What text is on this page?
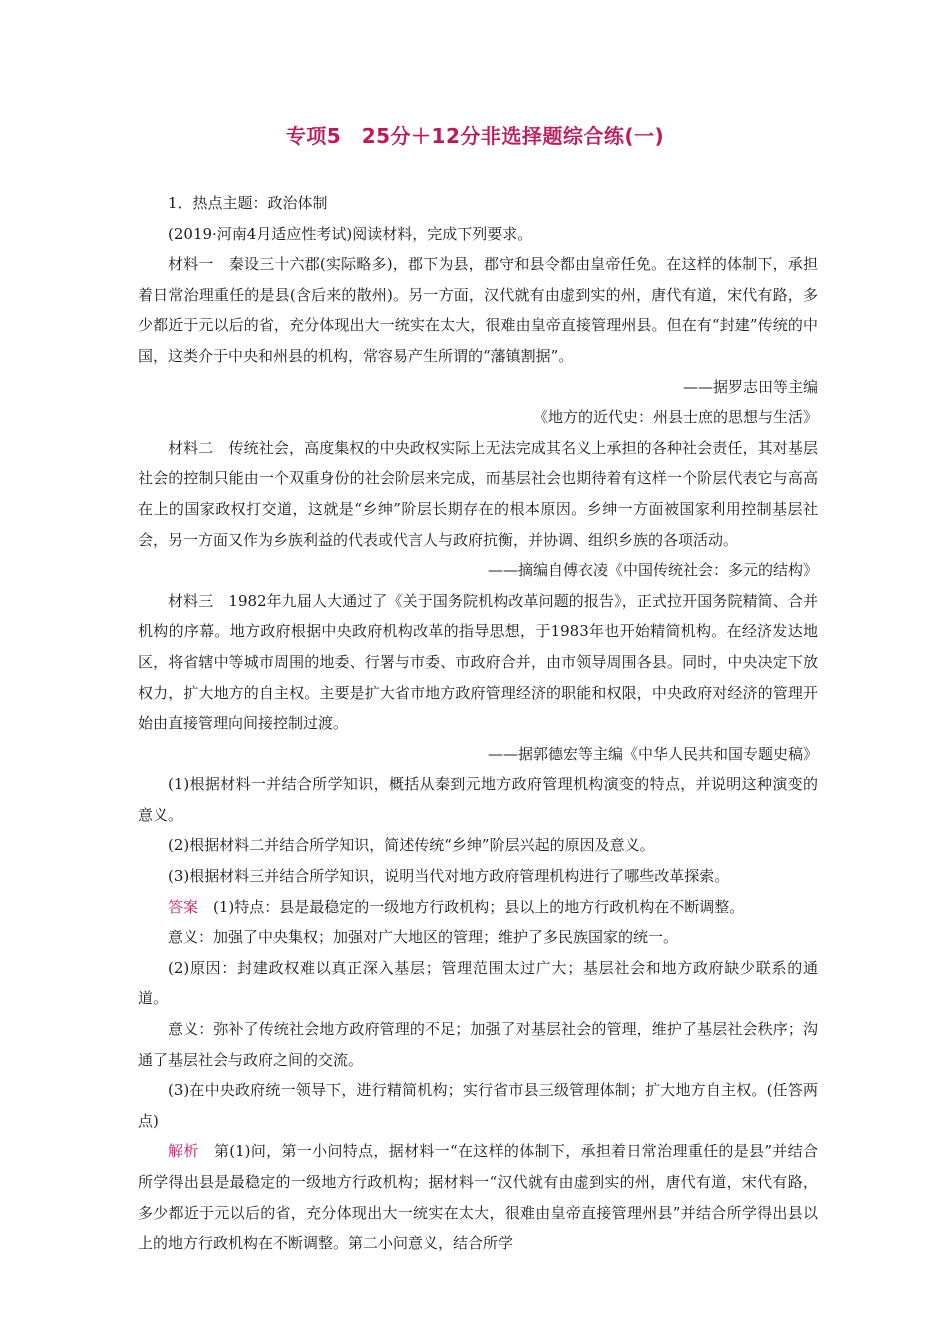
专项5　25分＋12分非选择题综合练(一)

1．热点主题：政治体制

(2019·河南4月适应性考试)阅读材料，完成下列要求。

材料一　秦设三十六郡(实际略多)，郡下为县，郡守和县令都由皇帝任免。在这样的体制下，承担着日常治理重任的是县(含后来的散州)。另一方面，汉代就有由虚到实的州，唐代有道，宋代有路，多少都近于元以后的省，充分体现出大一统实在太大，很难由皇帝直接管理州县。但在有“封建”传统的中国，这类介于中央和州县的机构，常容易产生所谓的“藩镇割据”。

——据罗志田等主编

《地方的近代史：州县士庶的思想与生活》

材料二　传统社会，高度集权的中央政权实际上无法完成其名义上承担的各种社会责任，其对基层社会的控制只能由一个双重身份的社会阶层来完成，而基层社会也期待着有这样一个阶层代表它与高高在上的国家政权打交道，这就是“乡绅”阶层长期存在的根本原因。乡绅一方面被国家利用控制基层社会，另一方面又作为乡族利益的代表或代言人与政府抗衡，并协调、组织乡族的各项活动。

——摘编自傅衣凌《中国传统社会：多元的结构》

材料三　1982年九届人大通过了《关于国务院机构改革问题的报告》，正式拉开国务院精简、合并机构的序幕。地方政府根据中央政府机构改革的指导思想，于1983年也开始精简机构。在经济发达地区，将省辖中等城市周围的地委、行署与市委、市政府合并，由市领导周围各县。同时，中央决定下放权力，扩大地方的自主权。主要是扩大省市地方政府管理经济的职能和权限，中央政府对经济的管理开始由直接管理向间接控制过渡。

——据郭德宏等主编《中华人民共和国专题史稿》

(1)根据材料一并结合所学知识，概括从秦到元地方政府管理机构演变的特点，并说明这种演变的意义。

(2)根据材料二并结合所学知识，简述传统“乡绅”阶层兴起的原因及意义。

(3)根据材料三并结合所学知识，说明当代对地方政府管理机构进行了哪些改革探索。

答案　(1)特点：县是最稳定的一级地方行政机构；县以上的地方行政机构在不断调整。

意义：加强了中央集权；加强对广大地区的管理；维护了多民族国家的统一。

(2)原因：封建政权难以真正深入基层；管理范围太过广大；基层社会和地方政府缺少联系的通道。

意义：弥补了传统社会地方政府管理的不足；加强了对基层社会的管理，维护了基层社会秩序；沟通了基层社会与政府之间的交流。

(3)在中央政府统一领导下，进行精简机构；实行省市县三级管理体制；扩大地方自主权。(任答两点)

解析　第(1)问，第一小问特点，据材料一“在这样的体制下，承担着日常治理重任的是县”并结合所学得出县是最稳定的一级地方行政机构；据材料一“汉代就有由虚到实的州，唐代有道，宋代有路，多少都近于元以后的省，充分体现出大一统实在太大，很难由皇帝直接管理州县”并结合所学得出县以上的地方行政机构在不断调整。第二小问意义，结合所学
